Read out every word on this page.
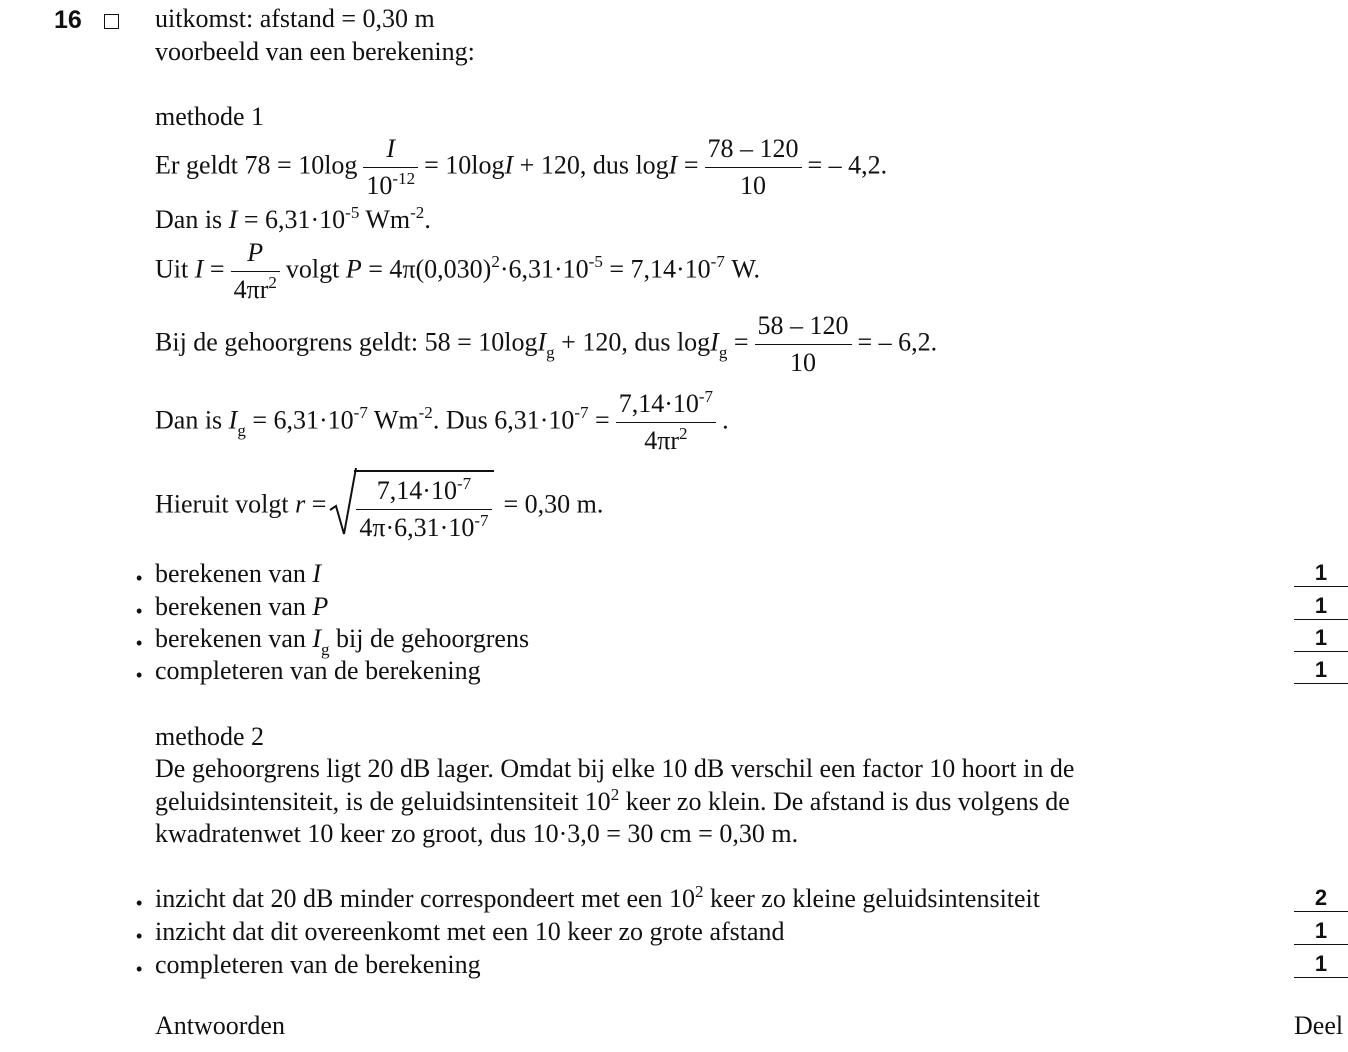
16	uitkomst: afstand = 0,30 m
voorbeeld van een berekening:
methode 1
Er geldt $78 = 10\log \frac{I}{10^{-12}} = 10\log I + 120$, dus $\log I = \frac{78 - 120}{10}$ = – 4,2.
Dan is $I = 6,31\cdot 10^{-5}$ $Wm^{-2}$.
Uit $I = \frac{P}{4\pi r^2}$ volgt $P = 4\pi(0,030)^2\cdot 6,31\cdot 10^{-5} = 7,14\cdot 10^{-7}$ W.
Bij de gehoorgrens geldt: 58 = 10logI$_g$ + 120, dus $\log I_g = \frac{58 - 120}{10}$ = – 6,2.
Dan is $I_g = 6,31\cdot 10^{-7}$ $Wm^{-2}$. Dus $6,31\cdot 10^{-7} = \frac{7,14\cdot 10^{-7}}{4\pi r^2}$ .
Hieruit volgt $r = \frac{7,14\cdot 10^{-7}}{4\pi\cdot 6,31\cdot 10^{-7}} = 0,30$ m.
• berekenen van I	1
• berekenen van P	1
• berekenen van $I_g$ bij de gehoorgrens	1
• completeren van de berekening	1
methode 2
De gehoorgrens ligt 20 dB lager. Omdat bij elke 10 dB verschil een factor 10 hoort in de
geluidsintensiteit, is de geluidsintensiteit $10^2$ keer zo klein. De afstand is dus volgens de
kwadratenwet 10 keer zo groot, dus 10·3,0 = 30 cm = 0,30 m.
• inzicht dat 20 dB minder correspondeert met een $10^2$ keer zo kleine geluidsintensiteit	2
• inzicht dat dit overeenkomt met een 10 keer zo grote afstand	1
• completeren van de berekening	1
Antwoorden	Deel
